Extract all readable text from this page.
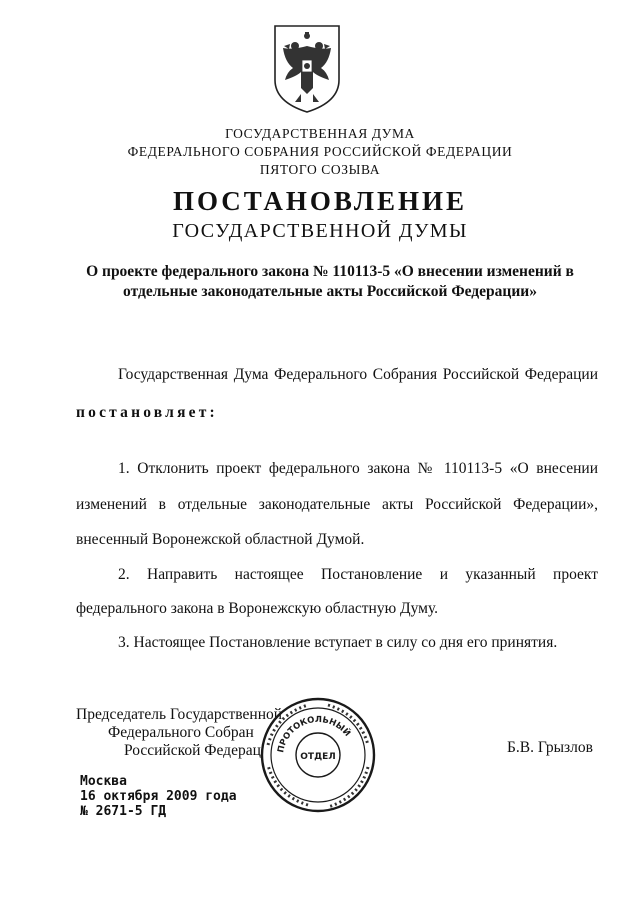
ГОСУДАРСТВЕННАЯ ДУМА
ФЕДЕРАЛЬНОГО СОБРАНИЯ РОССИЙСКОЙ ФЕДЕРАЦИИ
ПЯТОГО СОЗЫВА
ПОСТАНОВЛЕНИЕ
ГОСУДАРСТВЕННОЙ ДУМЫ
О проекте федерального закона № 110113-5 «О внесении изменений в
отдельные законодательные акты Российской Федерации»
Государственная Дума Федерального Собрания Российской Федерации
постановляет:
1. Отклонить проект федерального закона № 110113-5 «О внесении
изменений в отдельные законодательные акты Российской Федерации»,
внесенный Воронежской областной Думой.
2. Направить настоящее Постановление и указанный проект
федерального закона в Воронежскую областную Думу.
3. Настоящее Постановление вступает в силу со дня его принятия.
Председатель Государственной
Федерального Собран
Российской Федерац	Б.В. Грызлов
ПРОТОКОЛЬНЫЙ
ОТДЕЛ
Москва
16 октября 2009 года
№ 2671-5 ГД
